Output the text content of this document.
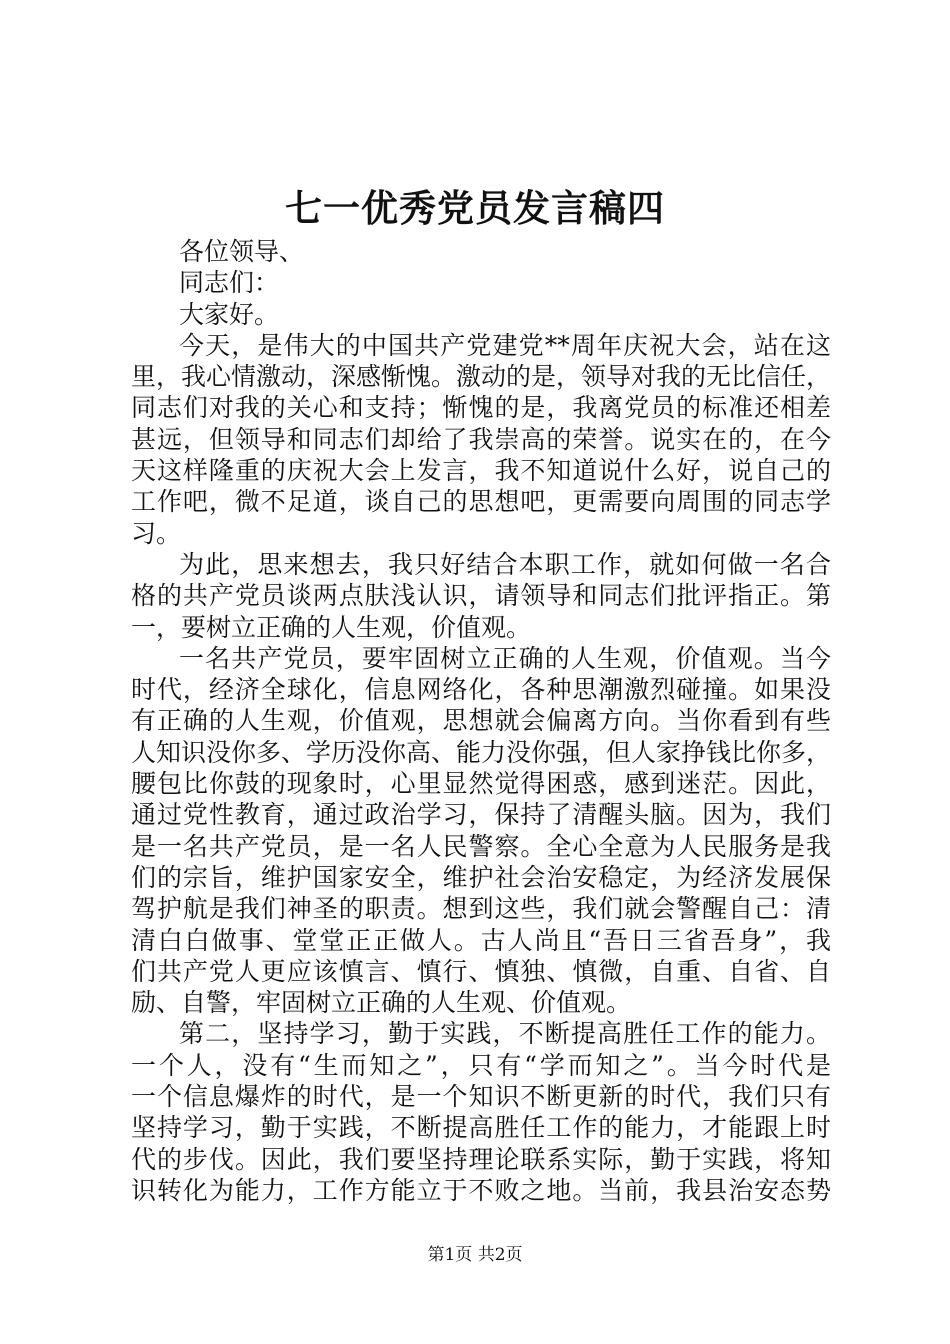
七一优秀党员发言稿四
各位领导、
同志们：
大家好。
今天，是伟大的中国共产党建党**周年庆祝大会，站在这
里，我心情激动，深感惭愧。激动的是，领导对我的无比信任，
同志们对我的关心和支持；惭愧的是，我离党员的标准还相差
甚远，但领导和同志们却给了我崇高的荣誉。说实在的，在今
天这样隆重的庆祝大会上发言，我不知道说什么好，说自己的
工作吧，微不足道，谈自己的思想吧，更需要向周围的同志学
习。
为此，思来想去，我只好结合本职工作，就如何做一名合
格的共产党员谈两点肤浅认识，请领导和同志们批评指正。第
一，要树立正确的人生观，价值观。
一名共产党员，要牢固树立正确的人生观，价值观。当今
时代，经济全球化，信息网络化，各种思潮激烈碰撞。如果没
有正确的人生观，价值观，思想就会偏离方向。当你看到有些
人知识没你多、学历没你高、能力没你强，但人家挣钱比你多，
腰包比你鼓的现象时，心里显然觉得困惑，感到迷茫。因此，
通过党性教育，通过政治学习，保持了清醒头脑。因为，我们
是一名共产党员，是一名人民警察。全心全意为人民服务是我
们的宗旨，维护国家安全，维护社会治安稳定，为经济发展保
驾护航是我们神圣的职责。想到这些，我们就会警醒自己：清
清白白做事、堂堂正正做人。古人尚且“吾日三省吾身”，我
们共产党人更应该慎言、慎行、慎独、慎微，自重、自省、自
励、自警，牢固树立正确的人生观、价值观。
第二，坚持学习，勤于实践，不断提高胜任工作的能力。
一个人，没有“生而知之”，只有“学而知之”。当今时代是
一个信息爆炸的时代，是一个知识不断更新的时代，我们只有
坚持学习，勤于实践，不断提高胜任工作的能力，才能跟上时
代的步伐。因此，我们要坚持理论联系实际，勤于实践，将知
识转化为能力，工作方能立于不败之地。当前，我县治安态势
第1页 共2页
